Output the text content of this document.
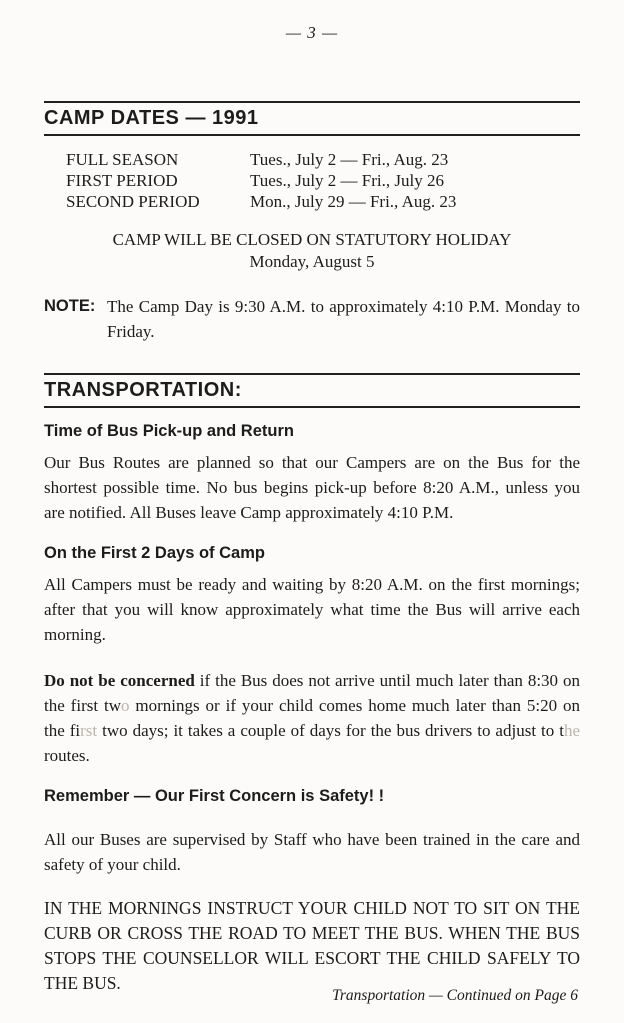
— 3 —
CAMP DATES — 1991
FULL SEASON	Tues., July 2 — Fri., Aug. 23
FIRST PERIOD	Tues., July 2 — Fri., July 26
SECOND PERIOD	Mon., July 29 — Fri., Aug. 23
CAMP WILL BE CLOSED ON STATUTORY HOLIDAY
Monday, August 5
NOTE: The Camp Day is 9:30 A.M. to approximately 4:10 P.M. Monday to Friday.
TRANSPORTATION:
Time of Bus Pick-up and Return
Our Bus Routes are planned so that our Campers are on the Bus for the shortest possible time. No bus begins pick-up before 8:20 A.M., unless you are notified. All Buses leave Camp approximately 4:10 P.M.
On the First 2 Days of Camp
All Campers must be ready and waiting by 8:20 A.M. on the first mornings; after that you will know approximately what time the Bus will arrive each morning.
Do not be concerned if the Bus does not arrive until much later than 8:30 on the first two mornings or if your child comes home much later than 5:20 on the first two days; it takes a couple of days for the bus drivers to adjust to the routes.
Remember — Our First Concern is Safety! !
All our Buses are supervised by Staff who have been trained in the care and safety of your child.
IN THE MORNINGS INSTRUCT YOUR CHILD NOT TO SIT ON THE CURB OR CROSS THE ROAD TO MEET THE BUS. WHEN THE BUS STOPS THE COUNSELLOR WILL ESCORT THE CHILD SAFELY TO THE BUS.
Transportation — Continued on Page 6
